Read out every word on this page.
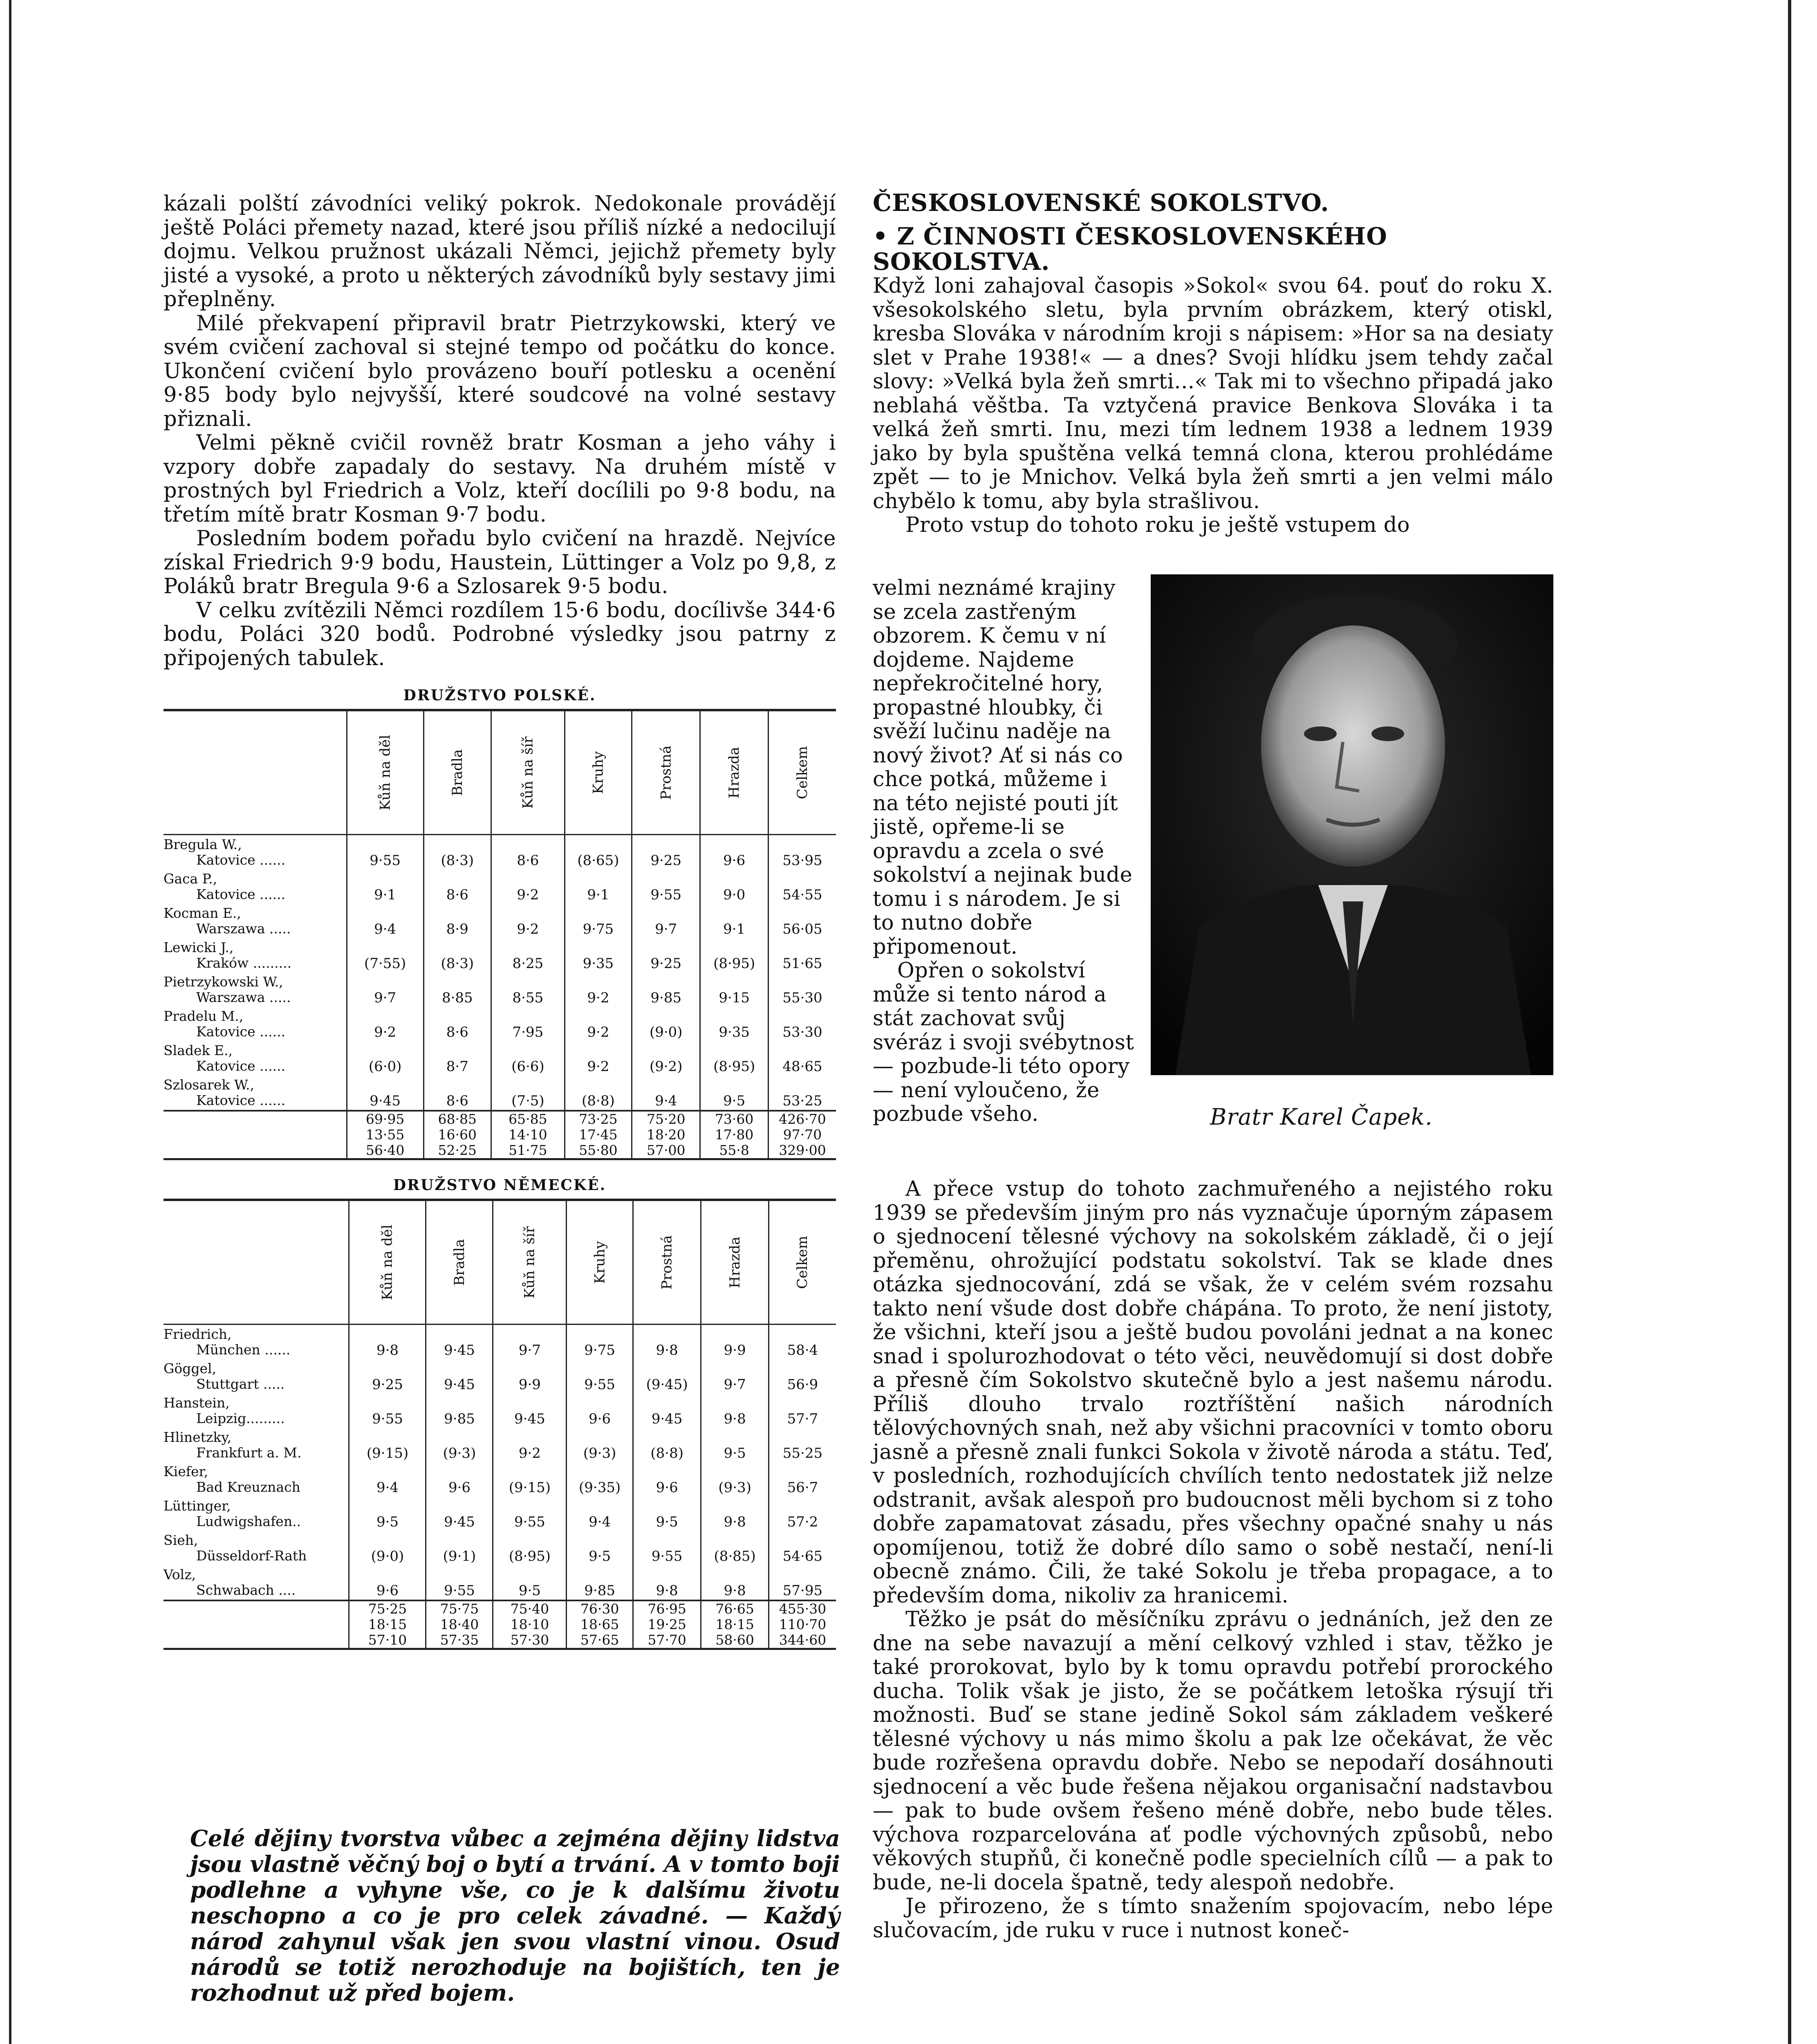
kázali polští závodníci veliký pokrok. Nedokonale provádějí ještě Poláci přemety nazad, které jsou příliš nízké a nedocilují dojmu. Velkou pružnost ukázali Němci, jejichž přemety byly jisté a vysoké, a proto u některých závodníků byly sestavy jimi přeplněny.

Milé překvapení připravil bratr Pietrzykowski, který ve svém cvičení zachoval si stejné tempo od počátku do konce. Ukončení cvičení bylo provázeno bouří potlesku a ocenění 9·85 body bylo nejvyšší, které soudcové na volné sestavy přiznali.

Velmi pěkně cvičil rovněž bratr Kosman a jeho váhy i vzpory dobře zapadaly do sestavy. Na druhém místě v prostných byl Friedrich a Volz, kteří docílili po 9·8 bodu, na třetím mítě bratr Kosman 9·7 bodu.

Posledním bodem pořadu bylo cvičení na hrazdě. Nejvíce získal Friedrich 9·9 bodu, Haustein, Lüttinger a Volz po 9,8, z Poláků bratr Bregula 9·6 a Szlosarek 9·5 bodu.

V celku zvítězili Němci rozdílem 15·6 bodu, docílivše 344·6 bodu, Poláci 320 bodů. Podrobné výsledky jsou patrny z připojených tabulek.

DRUŽSTVO POLSKÉ.

	Kůň na děl	Bradla	Kůň na šíř	Kruhy	Prostná	Hrazda	Celkem

Bregula W.,
Katovice ......	9·55	(8·3)	8·6	(8·65)	9·25	9·6	53·95

Gaca P.,
Katovice ......	9·1	8·6	9·2	9·1	9·55	9·0	54·55

Kocman E.,
Warszawa .....	9·4	8·9	9·2	9·75	9·7	9·1	56·05

Lewicki J.,
Kraków .........	(7·55)	(8·3)	8·25	9·35	9·25	(8·95)	51·65

Pietrzykowski W.,
Warszawa .....	9·7	8·85	8·55	9·2	9·85	9·15	55·30

Pradelu M.,
Katovice ......	9·2	8·6	7·95	9·2	(9·0)	9·35	53·30

Sladek E.,
Katovice ......	(6·0)	8·7	(6·6)	9·2	(9·2)	(8·95)	48·65

Szlosarek W.,
Katovice ......	9·45	8·6	(7·5)	(8·8)	9·4	9·5	53·25
	69·95	68·85	65·85	73·25	75·20	73·60	426·70
	13·55	16·60	14·10	17·45	18·20	17·80	97·70
	56·40	52·25	51·75	55·80	57·00	55·8	329·00

DRUŽSTVO NĚMECKÉ.

	Kůň na děl	Bradla	Kůň na šíř	Kruhy	Prostná	Hrazda	Celkem

Friedrich,
München ......	9·8	9·45	9·7	9·75	9·8	9·9	58·4

Göggel,
Stuttgart .....	9·25	9·45	9·9	9·55	(9·45)	9·7	56·9

Hanstein,
Leipzig.........	9·55	9·85	9·45	9·6	9·45	9·8	57·7

Hlinetzky,
Frankfurt a. M.	(9·15)	(9·3)	9·2	(9·3)	(8·8)	9·5	55·25

Kiefer,
Bad Kreuznach	9·4	9·6	(9·15)	(9·35)	9·6	(9·3)	56·7

Lüttinger,
Ludwigshafen..	9·5	9·45	9·55	9·4	9·5	9·8	57·2

Sieh,
Düsseldorf-Rath	(9·0)	(9·1)	(8·95)	9·5	9·55	(8·85)	54·65

Volz,
Schwabach ....	9·6	9·55	9·5	9·85	9·8	9·8	57·95
	75·25	75·75	75·40	76·30	76·95	76·65	455·30
	18·15	18·40	18·10	18·65	19·25	18·15	110·70
	57·10	57·35	57·30	57·65	57·70	58·60	344·60
Celé dějiny tvorstva vůbec a zejména dějiny lidstva jsou vlastně věčný boj o bytí a trvání. A v tomto boji podlehne a vyhyne vše, co je k dalšímu životu neschopno a co je pro celek závadné. — Každý národ zahynul však jen svou vlastní vinou. Osud národů se totiž nerozhoduje na bojištích, ten je rozhodnut už před bojem.

ČESKOSLOVENSKÉ SOKOLSTVO.

• Z ČINNOSTI ČESKOSLOVENSKÉHO SOKOLSTVA.

Když loni zahajoval časopis »Sokol« svou 64. pouť do roku X. všesokolského sletu, byla prvním obrázkem, který otiskl, kresba Slováka v národním kroji s nápisem: »Hor sa na desiaty slet v Prahe 1938!« — a dnes? Svoji hlídku jsem tehdy začal slovy: »Velká byla žeň smrti...« Tak mi to všechno připadá jako neblahá věštba. Ta vztyčená pravice Benkova Slováka i ta velká žeň smrti. Inu, mezi tím lednem 1938 a lednem 1939 jako by byla spuštěna velká temná clona, kterou prohlédáme zpět — to je Mnichov. Velká byla žeň smrti a jen velmi málo chybělo k tomu, aby byla strašlivou.

Proto vstup do tohoto roku je ještě vstupem do

velmi neznámé krajiny se zcela zastřeným obzorem. K čemu v ní dojdeme. Najdeme nepřekročitelné hory, propastné hloubky, či svěží lučinu naděje na nový život? Ať si nás co chce potká, můžeme i na této nejisté pouti jít jistě, opřeme-li se opravdu a zcela o své sokolství a nejinak bude tomu i s národem. Je si to nutno dobře připomenout.

Opřen o sokolství může si tento národ a stát zachovat svůj svéráz i svoji svébytnost — pozbude-li této opory — není vyloučeno, že pozbude všeho.	Bratr Karel Čapek.

A přece vstup do tohoto zachmuřeného a nejistého roku 1939 se především jiným pro nás vyznačuje úporným zápasem o sjednocení tělesné výchovy na sokolském základě, či o její přeměnu, ohrožující podstatu sokolství. Tak se klade dnes otázka sjednocování, zdá se však, že v celém svém rozsahu takto není všude dost dobře chápána. To proto, že není jistoty, že všichni, kteří jsou a ještě budou povoláni jednat a na konec snad i spolurozhodovat o této věci, neuvědomují si dost dobře a přesně čím Sokolstvo skutečně bylo a jest našemu národu. Příliš dlouho trvalo roztříštění našich národních tělovýchovných snah, než aby všichni pracovníci v tomto oboru jasně a přesně znali funkci Sokola v životě národa a státu. Teď, v posledních, rozhodujících chvílích tento nedostatek již nelze odstranit, avšak alespoň pro budoucnost měli bychom si z toho dobře zapamatovat zásadu, přes všechny opačné snahy u nás opomíjenou, totiž že dobré dílo samo o sobě nestačí, není-li obecně známo. Čili, že také Sokolu je třeba propagace, a to především doma, nikoliv za hranicemi.

Těžko je psát do měsíčníku zprávu o jednáních, jež den ze dne na sebe navazují a mění celkový vzhled i stav, těžko je také prorokovat, bylo by k tomu opravdu potřebí prorockého ducha. Tolik však je jisto, že se počátkem letoška rýsují tři možnosti. Buď se stane jedině Sokol sám základem veškeré tělesné výchovy u nás mimo školu a pak lze očekávat, že věc bude rozřešena opravdu dobře. Nebo se nepodaří dosáhnouti sjednocení a věc bude řešena nějakou organisační nadstavbou — pak to bude ovšem řešeno méně dobře, nebo bude těles. výchova rozparcelována ať podle výchovných způsobů, nebo věkových stupňů, či konečně podle specielních cílů — a pak to bude, ne-li docela špatně, tedy alespoň nedobře.

Je přirozeno, že s tímto snažením spojovacím, nebo lépe slučovacím, jde ruku v ruce i nutnost koneč-
